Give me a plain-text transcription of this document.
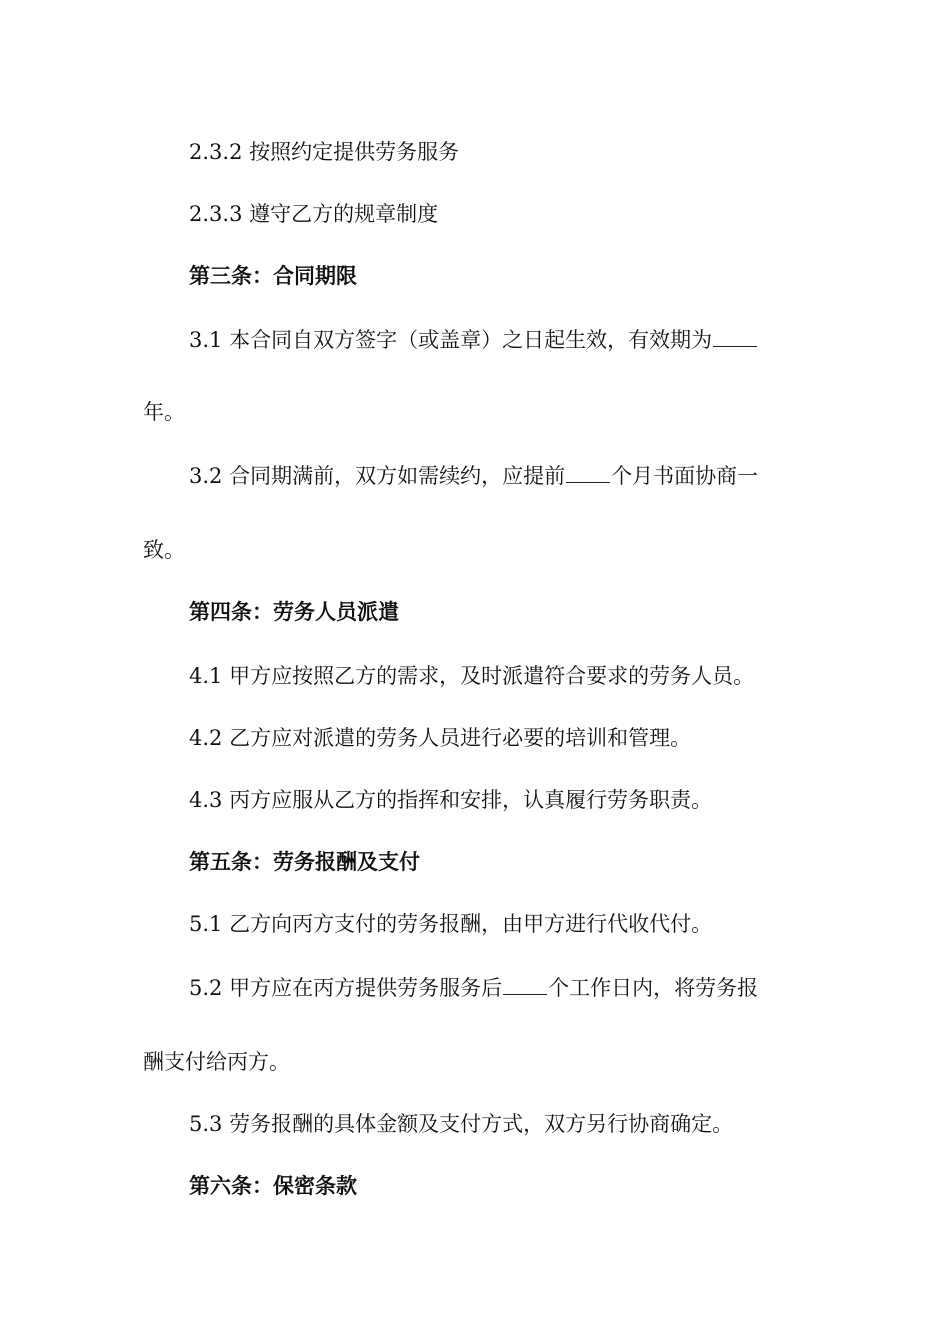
2.3.2 按照约定提供劳务服务
2.3.3 遵守乙方的规章制度
第三条：合同期限
3.1 本合同自双方签字（或盖章）之日起生效，有效期为
年。
3.2 合同期满前，双方如需续约，应提前 个月书面协商一
致。
第四条：劳务人员派遣
4.1 甲方应按照乙方的需求，及时派遣符合要求的劳务人员。
4.2 乙方应对派遣的劳务人员进行必要的培训和管理。
4.3 丙方应服从乙方的指挥和安排，认真履行劳务职责。
第五条：劳务报酬及支付
5.1 乙方向丙方支付的劳务报酬，由甲方进行代收代付。
5.2 甲方应在丙方提供劳务服务后 个工作日内，将劳务报
酬支付给丙方。
5.3 劳务报酬的具体金额及支付方式，双方另行协商确定。
第六条：保密条款
